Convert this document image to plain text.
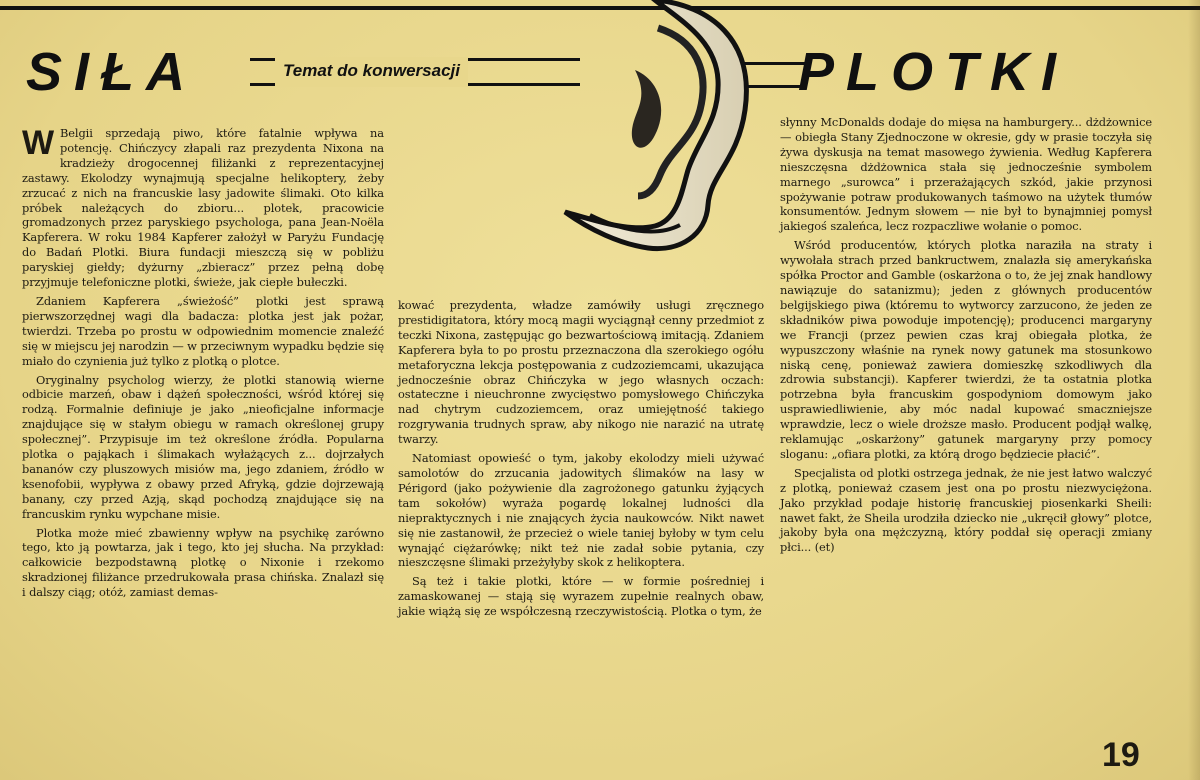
SIŁA	Temat do konwersacji	PLOTKI

W Belgii sprzedają piwo, które fatalnie wpływa na potencję. Chińczycy złapali raz prezydenta Nixona na kradzieży drogocennej filiżanki z reprezentacyjnej zastawy. Ekolodzy wynajmują specjalne helikoptery, żeby zrzucać z nich na francuskie lasy jadowite ślimaki. Oto kilka próbek należących do zbioru... plotek, pracowicie gromadzonych przez paryskiego psychologa, pana Jean-Noëla Kapferera. W roku 1984 Kapferer założył w Paryżu Fundację do Badań Plotki. Biura fundacji mieszczą się w pobliżu paryskiej giełdy; dyżurny „zbieracz” przez pełną dobę przyjmuje telefoniczne plotki, świeże, jak ciepłe bułeczki.

Zdaniem Kapferera „świeżość” plotki jest sprawą pierwszorzędnej wagi dla badacza: plotka jest jak pożar, twierdzi. Trzeba po prostu w odpowiednim momencie znaleźć się w miejscu jej narodzin — w przeciwnym wypadku będzie się miało do czynienia już tylko z plotką o plotce.

Oryginalny psycholog wierzy, że plotki stanowią wierne odbicie marzeń, obaw i dążeń społeczności, wśród której się rodzą. Formalnie definiuje je jako „nieoficjalne informacje znajdujące się w stałym obiegu w ramach określonej grupy społecznej”. Przypisuje im też określone źródła. Popularna plotka o pająkach i ślimakach wyłażących z... dojrzałych bananów czy pluszowych misiów ma, jego zdaniem, źródło w ksenofobii, wypływa z obawy przed Afryką, gdzie dojrzewają banany, czy przed Azją, skąd pochodzą znajdujące się na francuskim rynku wypchane misie.

Plotka może mieć zbawienny wpływ na psychikę zarówno tego, kto ją powtarza, jak i tego, kto jej słucha. Na przykład: całkowicie bezpodstawną plotkę o Nixonie i rzekomo skradzionej filiżance przedrukowała prasa chińska. Znalazł się i dalszy ciąg; otóż, zamiast demas-

kować prezydenta, władze zamówiły usługi zręcznego prestidigitatora, który mocą magii wyciągnął cenny przedmiot z teczki Nixona, zastępując go bezwartościową imitacją. Zdaniem Kapferera była to po prostu przeznaczona dla szerokiego ogółu metaforyczna lekcja postępowania z cudzoziemcami, ukazująca jednocześnie obraz Chińczyka w jego własnych oczach: ostateczne i nieuchronne zwycięstwo pomysłowego Chińczyka nad chytrym cudzoziemcem, oraz umiejętność takiego rozgrywania trudnych spraw, aby nikogo nie narazić na utratę twarzy.

Natomiast opowieść o tym, jakoby ekolodzy mieli używać samolotów do zrzucania jadowitych ślimaków na lasy w Périgord (jako pożywienie dla zagrożonego gatunku żyjących tam sokołów) wyraża pogardę lokalnej ludności dla niepraktycznych i nie znających życia naukowców. Nikt nawet się nie zastanowił, że przecież o wiele taniej byłoby w tym celu wynająć ciężarówkę; nikt też nie zadał sobie pytania, czy nieszczęsne ślimaki przeżyłyby skok z helikoptera.

Są też i takie plotki, które — w formie pośredniej i zamaskowanej — stają się wyrazem zupełnie realnych obaw, jakie wiążą się ze współczesną rzeczywistością. Plotka o tym, że

słynny McDonalds dodaje do mięsa na hamburgery... dżdżownice — obiegła Stany Zjednoczone w okresie, gdy w prasie toczyła się żywa dyskusja na temat masowego żywienia. Według Kapferera nieszczęsna dżdżownica stała się jednocześnie symbolem marnego „surowca” i przerażających szkód, jakie przynosi spożywanie potraw produkowanych taśmowo na użytek tłumów konsumentów. Jednym słowem — nie był to bynajmniej pomysł jakiegoś szaleńca, lecz rozpaczliwe wołanie o pomoc.

Wśród producentów, których plotka naraziła na straty i wywołała strach przed bankructwem, znalazła się amerykańska spółka Proctor and Gamble (oskarżona o to, że jej znak handlowy nawiązuje do satanizmu); jeden z głównych producentów belgijskiego piwa (któremu to wytworcy zarzucono, że jeden ze składników piwa powoduje impotencję); producenci margaryny we Francji (przez pewien czas kraj obiegała plotka, że wypuszczony właśnie na rynek nowy gatunek ma stosunkowo niską cenę, ponieważ zawiera domieszkę szkodliwych dla zdrowia substancji). Kapferer twierdzi, że ta ostatnia plotka potrzebna była francuskim gospodyniom domowym jako usprawiedliwienie, aby móc nadal kupować smaczniejsze wprawdzie, lecz o wiele droższe masło. Producent podjął walkę, reklamując „oskarżony” gatunek margaryny przy pomocy sloganu: „ofiara plotki, za którą drogo będziecie płacić”.

Specjalista od plotki ostrzega jednak, że nie jest łatwo walczyć z plotką, ponieważ czasem jest ona po prostu niezwyciężona. Jako przykład podaje historię francuskiej piosenkarki Sheili: nawet fakt, że Sheila urodziła dziecko nie „ukręcił głowy” plotce, jakoby była ona mężczyzną, który poddał się operacji zmiany płci... (et)

19
